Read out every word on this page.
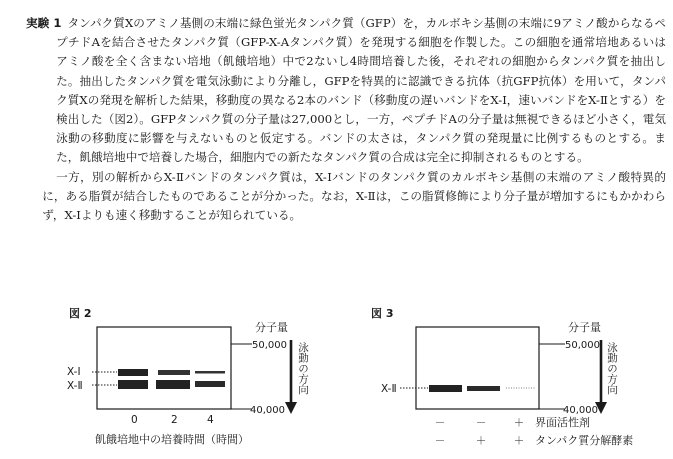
実験 1 タンパク質Xのアミノ基側の末端に緑色蛍光タンパク質（GFP）を，カルボキシ基側の末端に9アミノ酸からなるペプチドAを結合させたタンパク質（GFP-X-Aタンパク質）を発現する細胞を作製した。この細胞を通常培地あるいはアミノ酸を全く含まない培地（飢餓培地）中で2ないし4時間培養した後，それぞれの細胞からタンパク質を抽出した。抽出したタンパク質を電気泳動により分離し，GFPを特異的に認識できる抗体（抗GFP抗体）を用いて，タンパク質Xの発現を解析した結果，移動度の異なる2本のバンド（移動度の遅いバンドをX-Ⅰ，速いバンドをX-Ⅱとする）を検出した（図2）。GFPタンパク質の分子量は27,000とし，一方，ペプチドAの分子量は無視できるほど小さく，電気泳動の移動度に影響を与えないものと仮定する。バンドの太さは，タンパク質の発現量に比例するものとする。また，飢餓培地中で培養した場合，細胞内での新たなタンパク質の合成は完全に抑制されるものとする。

一方，別の解析からX-Ⅱバンドのタンパク質は，X-Ⅰバンドのタンパク質のカルボキシ基側の末端のアミノ酸特異的に，ある脂質が結合したものであることが分かった。なお，X-Ⅱは，この脂質修飾により分子量が増加するにもかかわらず，X-Ⅰよりも速く移動することが知られている。

図 2
X-Ⅰ
X-Ⅱ
50,000
40,000
分子量
泳動の方向
0	2	4
飢餓培地中の培養時間（時間）
図 3
X-Ⅱ
50,000
40,000
分子量
泳動の方向
－	－	＋ 界面活性剤
－	＋	＋ タンパク質分解酵素
